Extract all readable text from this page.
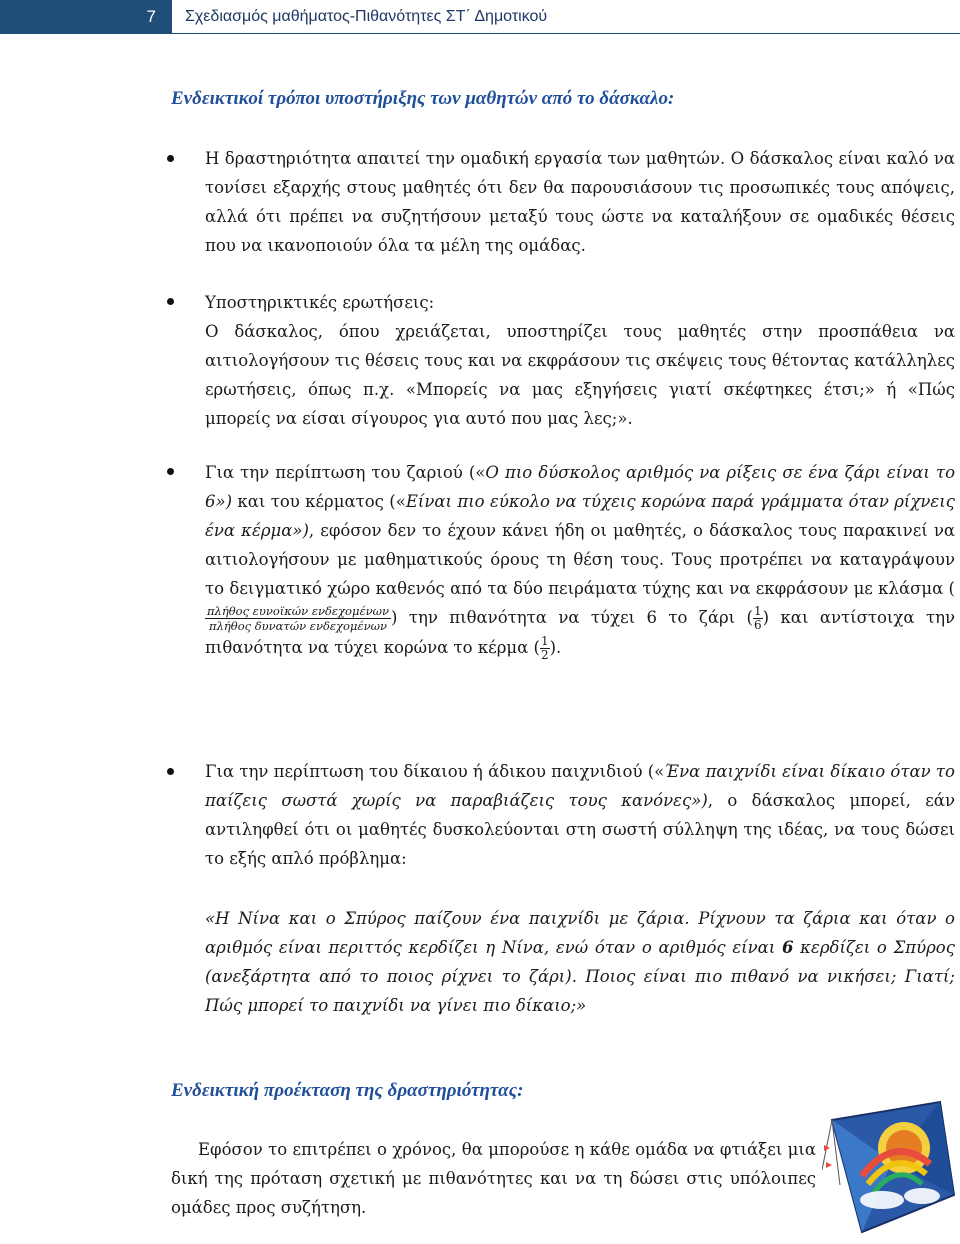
7 Σχεδιασμός μαθήματος-Πιθανότητες ΣΤ΄ Δημοτικού
Ενδεικτικοί τρόποι υποστήριξης των μαθητών από το δάσκαλο:

Η δραστηριότητα απαιτεί την ομαδική εργασία των μαθητών. Ο δάσκαλος είναι καλό να τονίσει εξαρχής στους μαθητές ότι δεν θα παρουσιάσουν τις προσωπικές τους απόψεις, αλλά ότι πρέπει να συζητήσουν μεταξύ τους ώστε να καταλήξουν σε ομαδικές θέσεις που να ικανοποιούν όλα τα μέλη της ομάδας.

Υποστηρικτικές ερωτήσεις:

Ο δάσκαλος, όπου χρειάζεται, υποστηρίζει τους μαθητές στην προσπάθεια να αιτιολογήσουν τις θέσεις τους και να εκφράσουν τις σκέψεις τους θέτοντας κατάλληλες ερωτήσεις, όπως π.χ. «Μπορείς να μας εξηγήσεις γιατί σκέφτηκες έτσι;» ή «Πώς μπορείς να είσαι σίγουρος για αυτό που μας λες;».

Για την περίπτωση του ζαριού («Ο πιο δύσκολος αριθμός να ρίξεις σε ένα ζάρι είναι το 6») και του κέρματος («Είναι πιο εύκολο να τύχεις κορώνα παρά γράμματα όταν ρίχνεις ένα κέρμα»), εφόσον δεν το έχουν κάνει ήδη οι μαθητές, ο δάσκαλος τους παρακινεί να αιτιολογήσουν με μαθηματικούς όρους τη θέση τους. Τους προτρέπει να καταγράψουν το δειγματικό χώρο καθενός από τα δύο πειράματα τύχης και να εκφράσουν με κλάσμα (
$\frac{\text{πλήθος ευνοϊκών ενδεχομένων}}{\text{πλήθος δυνατών ενδεχομένων}}$ ) την πιθανότητα να τύχει 6 το ζάρι ( $\frac{1}{6}$ ) και αντίστοιχα την πιθανότητα να τύχει κορώνα το κέρμα ( $\frac{1}{2}$ ).

Για την περίπτωση του δίκαιου ή άδικου παιχνιδιού («Ένα παιχνίδι είναι δίκαιο όταν το παίζεις σωστά χωρίς να παραβιάζεις τους κανόνες»), ο δάσκαλος μπορεί, εάν αντιληφθεί ότι οι μαθητές δυσκολεύονται στη σωστή σύλληψη της ιδέας, να τους δώσει το εξής απλό πρόβλημα:

«Η Νίνα και ο Σπύρος παίζουν ένα παιχνίδι με ζάρια. Ρίχνουν τα ζάρια και όταν ο αριθμός είναι περιττός κερδίζει η Νίνα, ενώ όταν ο αριθμός είναι 6 κερδίζει ο Σπύρος (ανεξάρτητα από το ποιος ρίχνει το ζάρι). Ποιος είναι πιο πιθανό να νικήσει; Γιατί; Πώς μπορεί το παιχνίδι να γίνει πιο δίκαιο;»
Ενδεικτική προέκταση της δραστηριότητας:
Εφόσον το επιτρέπει ο χρόνος, θα μπορούσε η κάθε ομάδα να φτιάξει μια δική της πρόταση σχετική με πιθανότητες και να τη δώσει στις υπόλοιπες ομάδες προς συζήτηση.
